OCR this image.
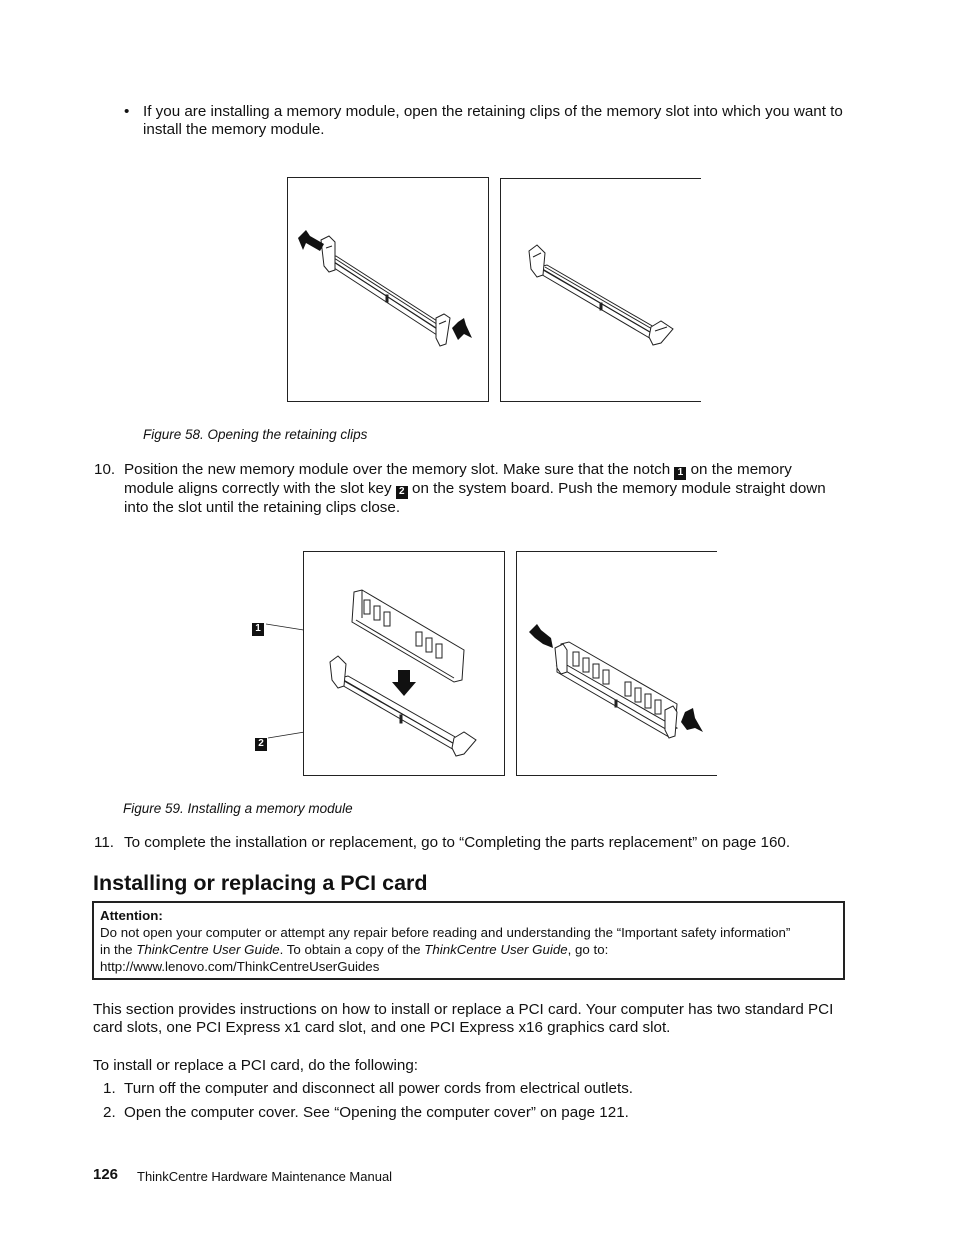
• If you are installing a memory module, open the retaining clips of the memory slot into which you want to install the memory module.
Figure 58. Opening the retaining clips
10. Position the new memory module over the memory slot. Make sure that the notch 1 on the memory module aligns correctly with the slot key 2 on the system board. Push the memory module straight down into the slot until the retaining clips close.
1
2
Figure 59. Installing a memory module
11. To complete the installation or replacement, go to “Completing the parts replacement” on page 160.
Installing or replacing a PCI card
Attention:
Do not open your computer or attempt any repair before reading and understanding the “Important safety information”
in the ThinkCentre User Guide. To obtain a copy of the ThinkCentre User Guide, go to:
http://www.lenovo.com/ThinkCentreUserGuides
This section provides instructions on how to install or replace a PCI card. Your computer has two standard PCI card slots, one PCI Express x1 card slot, and one PCI Express x16 graphics card slot.
To install or replace a PCI card, do the following:
1. Turn off the computer and disconnect all power cords from electrical outlets.
2. Open the computer cover. See “Opening the computer cover” on page 121.
126 ThinkCentre Hardware Maintenance Manual
